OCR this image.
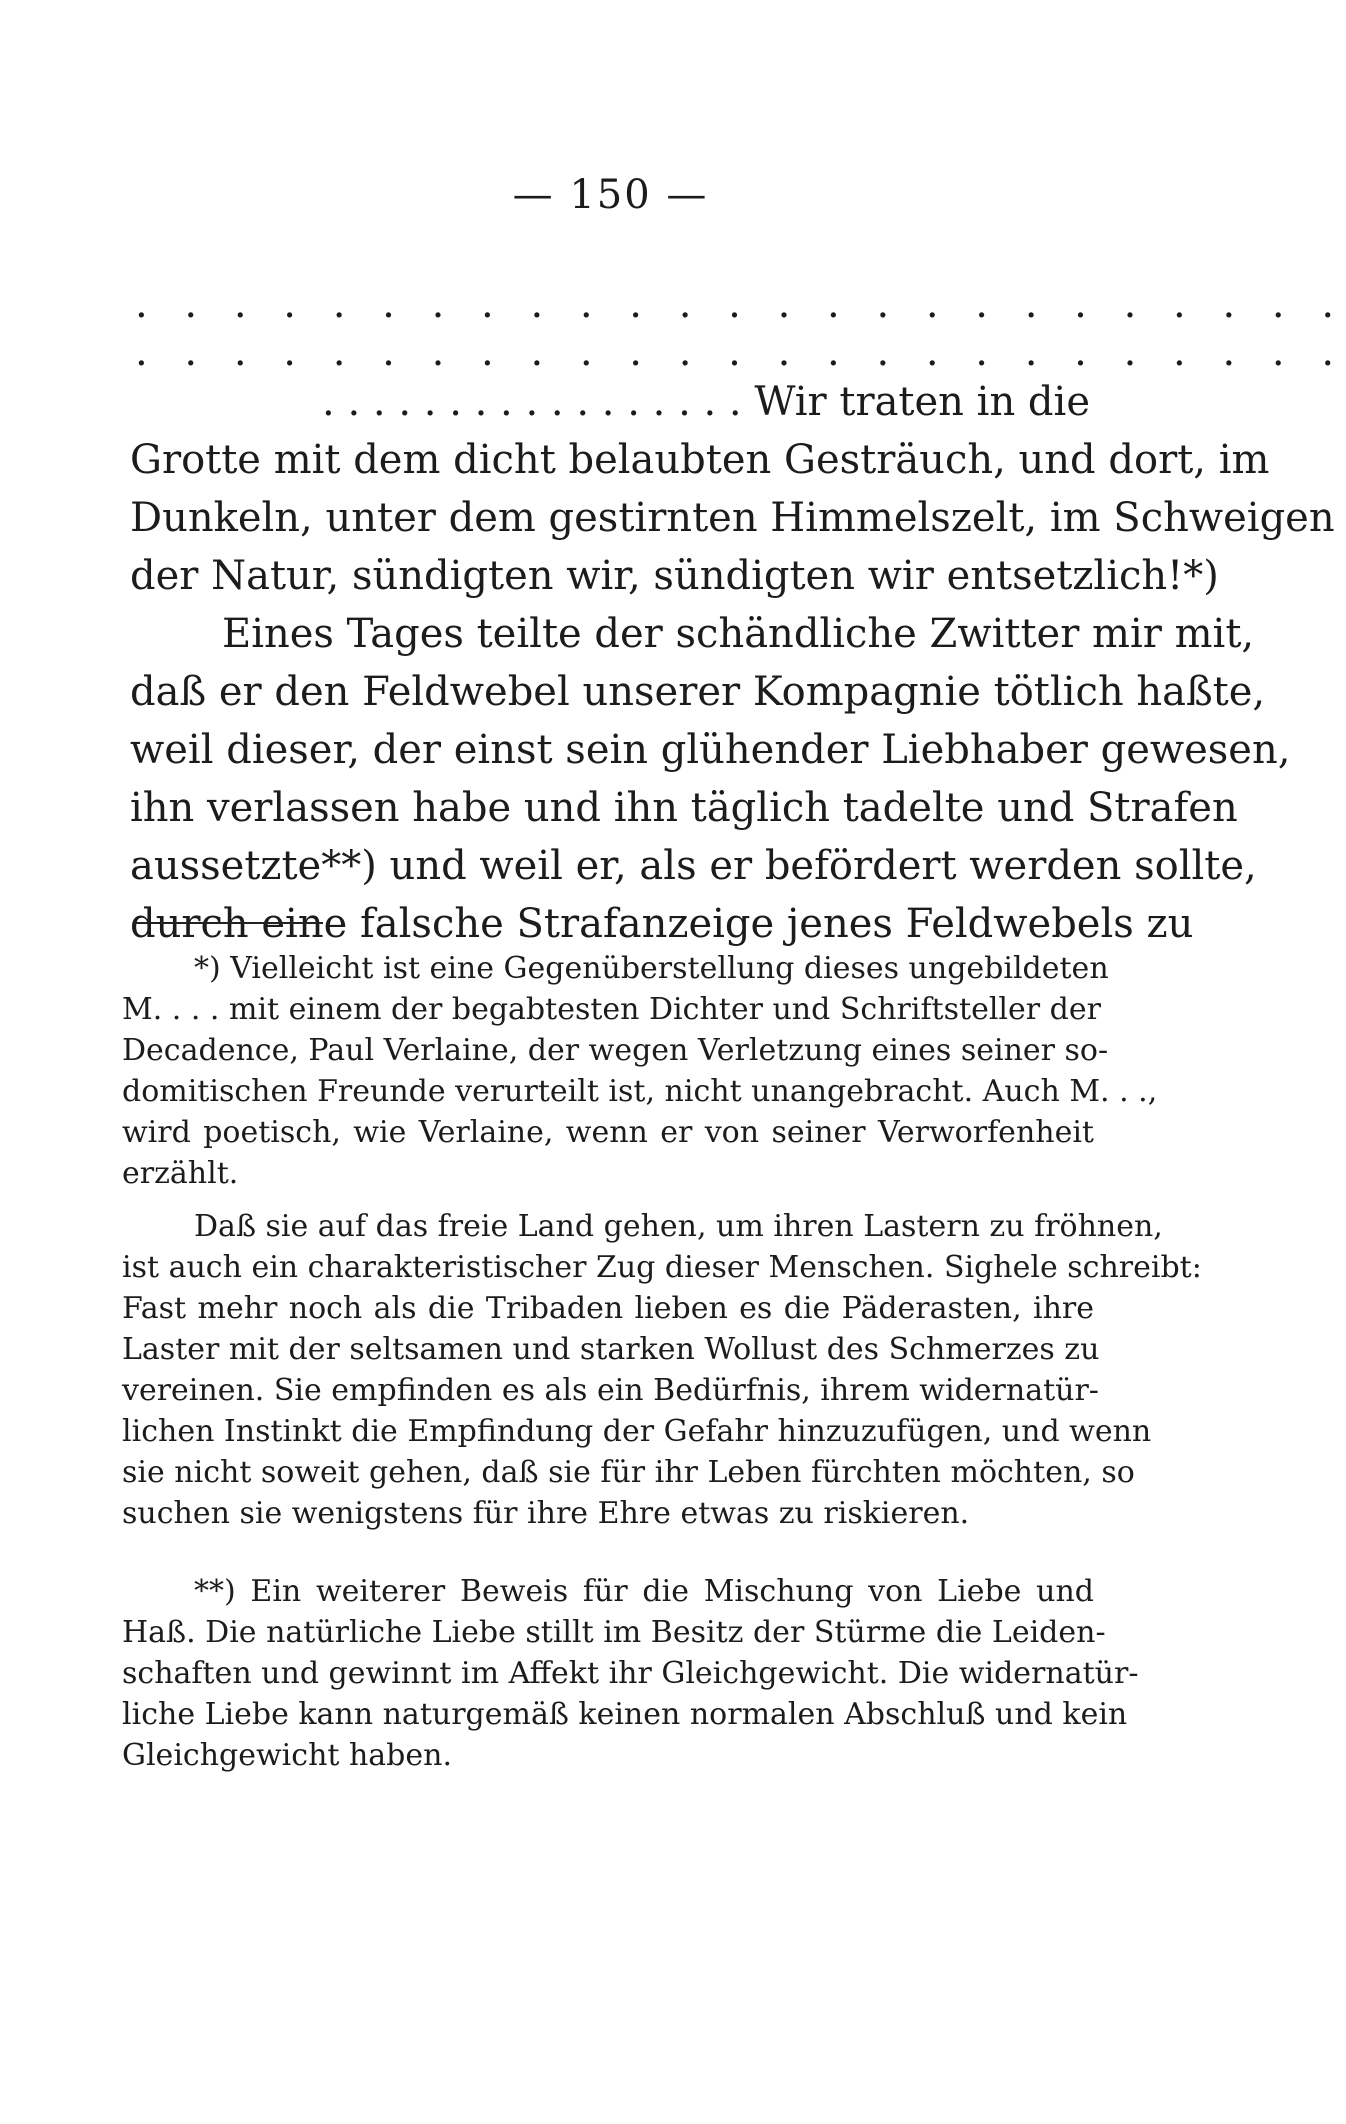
— 150 —
. . . . . . . . . . . . . . . . . . . . . . . . .
. . . . . . . . . . . . . . . . . . . . . . . . .
. . . . . . . . . . . . . . . . . Wir traten in die
Grotte mit dem dicht belaubten Gesträuch, und dort, im
Dunkeln, unter dem gestirnten Himmelszelt, im Schweigen
der Natur, sündigten wir, sündigten wir entsetzlich!*)
Eines Tages teilte der schändliche Zwitter mir mit,
daß er den Feldwebel unserer Kompagnie tötlich haßte,
weil dieser, der einst sein glühender Liebhaber gewesen,
ihn verlassen habe und ihn täglich tadelte und Strafen
aussetzte**) und weil er, als er befördert werden sollte,
durch eine falsche Strafanzeige jenes Feldwebels zu
*) Vielleicht ist eine Gegenüberstellung dieses ungebildeten
M. . . . mit einem der begabtesten Dichter und Schriftsteller der
Decadence, Paul Verlaine, der wegen Verletzung eines seiner so-
domitischen Freunde verurteilt ist, nicht unangebracht. Auch M. . .,
wird poetisch, wie Verlaine, wenn er von seiner Verworfenheit
erzählt.
Daß sie auf das freie Land gehen, um ihren Lastern zu fröhnen,
ist auch ein charakteristischer Zug dieser Menschen. Sighele schreibt:
Fast mehr noch als die Tribaden lieben es die Päderasten, ihre
Laster mit der seltsamen und starken Wollust des Schmerzes zu
vereinen. Sie empfinden es als ein Bedürfnis, ihrem widernatür-
lichen Instinkt die Empfindung der Gefahr hinzuzufügen, und wenn
sie nicht soweit gehen, daß sie für ihr Leben fürchten möchten, so
suchen sie wenigstens für ihre Ehre etwas zu riskieren.
**) Ein weiterer Beweis für die Mischung von Liebe und
Haß. Die natürliche Liebe stillt im Besitz der Stürme die Leiden-
schaften und gewinnt im Affekt ihr Gleichgewicht. Die widernatür-
liche Liebe kann naturgemäß keinen normalen Abschluß und kein
Gleichgewicht haben.
